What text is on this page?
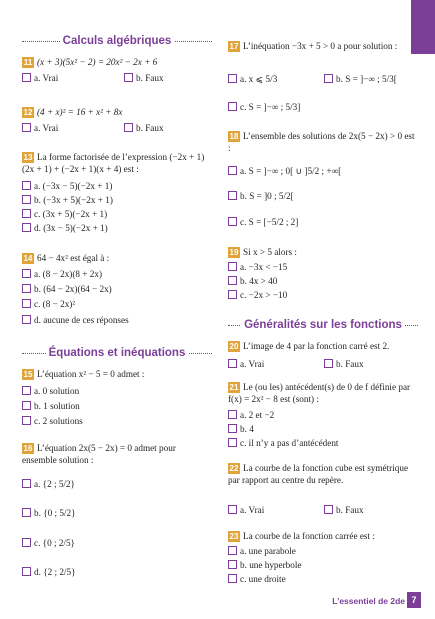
Calculs algébriques
11 (x + 3)(5x² − 2) = 20x² − 2x + 6
a. Vrai	b. Faux
12 (4 + x)² = 16 + x² + 8x
a. Vrai	b. Faux
13 La forme factorisée de l’expression (−2x + 1)(2x + 1) + (−2x + 1)(x + 4) est :
a. (−3x − 5)(−2x + 1)
b. (−3x + 5)(−2x + 1)
c. (3x + 5)(−2x + 1)
d. (3x − 5)(−2x + 1)
14 64 − 4x² est égal à :
a. (8 − 2x)(8 + 2x)
b. (64 − 2x)(64 − 2x)
c. (8 − 2x)²
d. aucune de ces réponses
Équations et inéquations
15 L’équation x² − 5 = 0 admet :
a. 0 solution
b. 1 solution
c. 2 solutions
16 L’équation 2x(5 − 2x) = 0 admet pour ensemble solution :
a. {2 ; 5/2}
b. {0 ; 5/2}
c. {0 ; 2/5}
d. {2 ; 2/5}
17 L’inéquation −3x + 5 > 0 a pour solution :
a. x ⩽ 5/3	b. S = ]−∞ ; 5/3[
c. S = ]−∞ ; 5/3]
18 L’ensemble des solutions de 2x(5 − 2x) > 0 est :
a. S = ]−∞ ; 0[ ∪ ]5/2 ; +∞[
b. S = ]0 ; 5/2[
c. S = [−5/2 ; 2]
19 Si x > 5 alors :
a. −3x < −15
b. 4x > 40
c. −2x > −10
Généralités sur les fonctions
20 L’image de 4 par la fonction carré est 2.
a. Vrai	b. Faux
21 Le (ou les) antécédent(s) de 0 de f définie par f(x) = 2x² − 8 est (sont) :
a. 2 et −2
b. 4
c. il n’y a pas d’antécédent
22 La courbe de la fonction cube est symétrique par rapport au centre du repère.
a. Vrai	b. Faux
23 La courbe de la fonction carrée est :
a. une parabole
b. une hyperbole
c. une droite
L’essentiel de 2de 7
